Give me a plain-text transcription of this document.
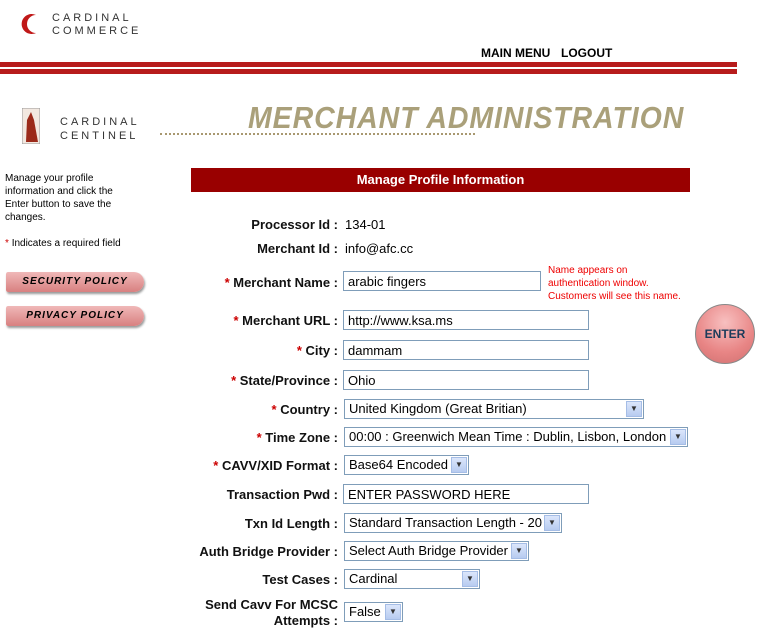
CARDINAL
COMMERCE
MAIN MENU LOGOUT
CARDINAL
CENTINEL
MERCHANT ADMINISTRATION
Manage your profile information and click the Enter button to save the changes.
* Indicates a required field
SECURITY POLICY
PRIVACY POLICY
Manage Profile Information
Processor Id : 134-01
Merchant Id : info@afc.cc
* Merchant Name :
arabic fingers
Name appears on
authentication window.
Customers will see this name.
* Merchant URL :
http://www.ksa.ms
* City :
dammam
* State/Province :
Ohio
* Country : United Kingdom (Great Britian)	▼
* Time Zone : 00:00 : Greenwich Mean Time : Dublin, Lisbon, London ▼
* CAVV/XID Format : Base64 Encoded ▼
Transaction Pwd :
ENTER PASSWORD HERE
Txn Id Length : Standard Transaction Length - 20 ▼
Auth Bridge Provider : Select Auth Bridge Provider ▼
Test Cases : Cardinal	▼
Send Cavv For MCSC
Attempts :
False	▼
ENTER
